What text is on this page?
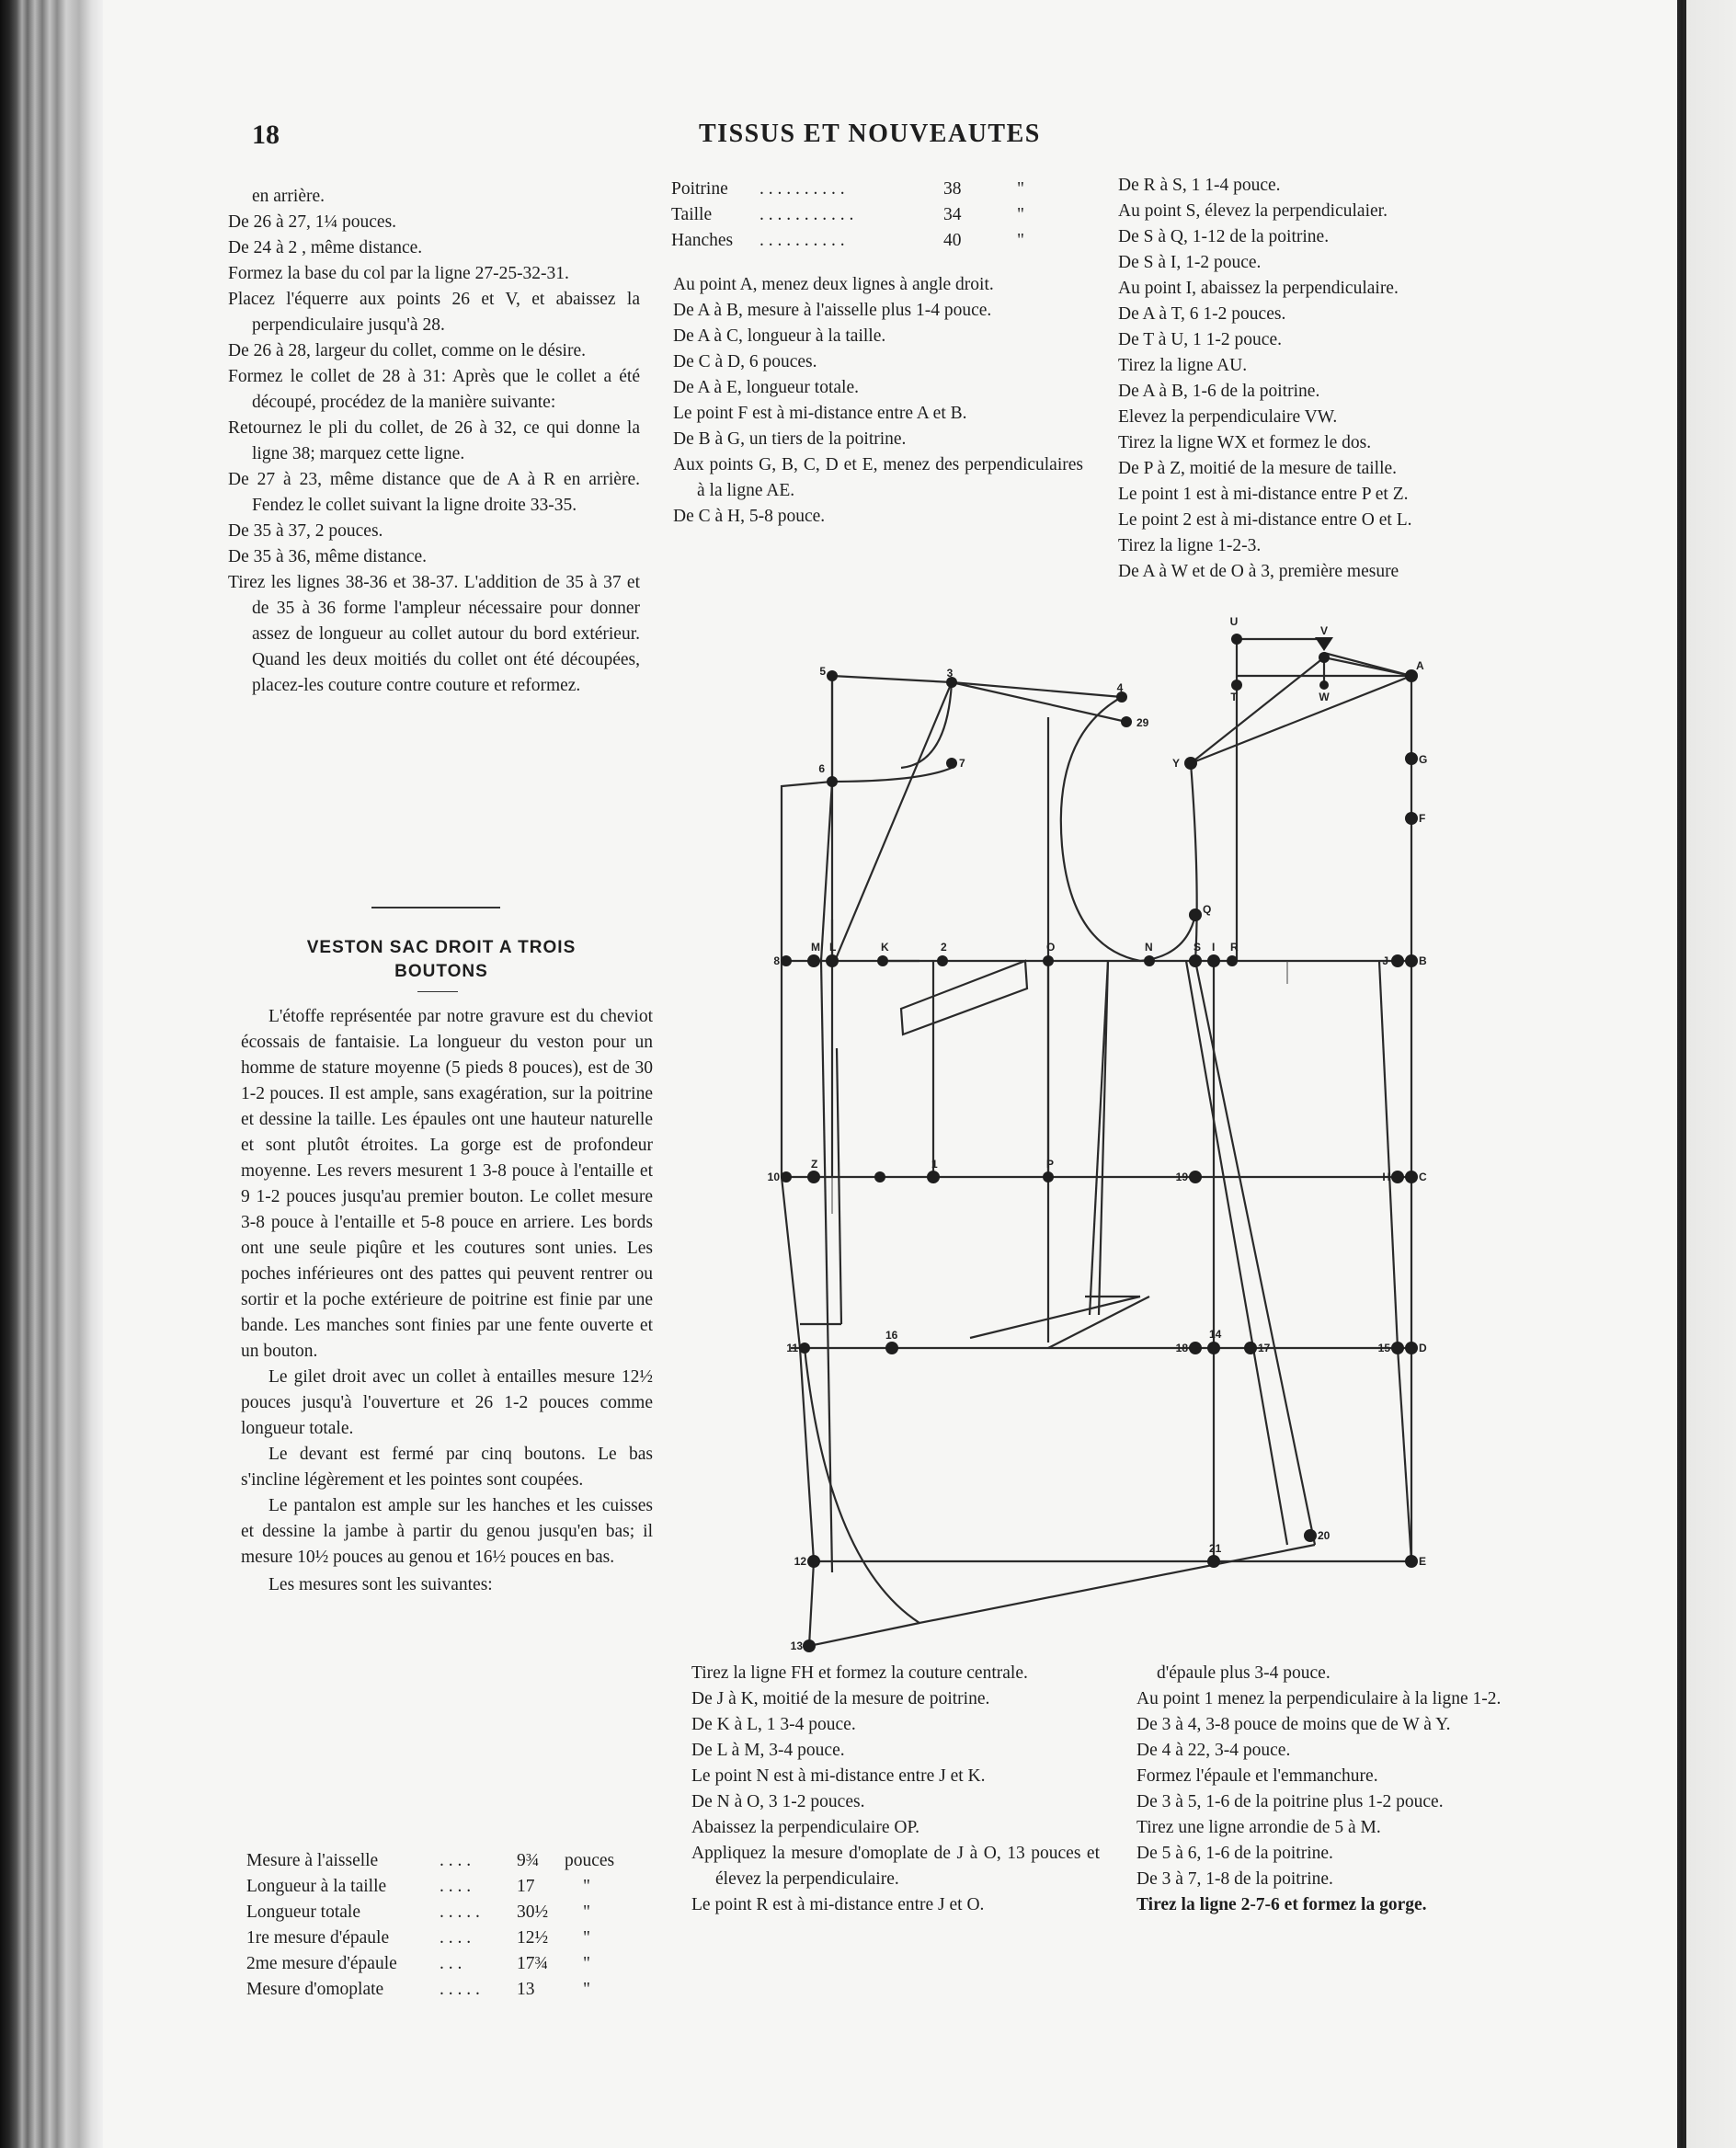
18	TISSUS ET NOUVEAUTES

en arrière.

De 26 à 27, 1¼ pouces.

De 24 à 2 , même distance.

Formez la base du col par la ligne 27-25-32-31.

Placez l'équerre aux points 26 et V, et abaissez la perpendiculaire jusqu'à 28.

De 26 à 28, largeur du collet, comme on le désire.

Formez le collet de 28 à 31: Après que le collet a été découpé, procédez de la manière suivante:

Retournez le pli du collet, de 26 à 32, ce qui donne la ligne 38; marquez cette ligne.

De 27 à 23, même distance que de A à R en arrière. Fendez le collet suivant la ligne droite 33-35.

De 35 à 37, 2 pouces.

De 35 à 36, même distance.

Tirez les lignes 38-36 et 38-37. L'addition de 35 à 37 et de 35 à 36 forme l'ampleur nécessaire pour donner assez de longueur au collet autour du bord extérieur. Quand les deux moitiés du collet ont été découpées, placez-les couture contre couture et reformez.

VESTON SAC DROIT A TROIS
BOUTONS

L'étoffe représentée par notre gravure est du cheviot écossais de fantaisie. La longueur du veston pour un homme de stature moyenne (5 pieds 8 pouces), est de 30 1-2 pouces. Il est ample, sans exagération, sur la poitrine et dessine la taille. Les épaules ont une hauteur naturelle et sont plutôt étroites. La gorge est de profondeur moyenne. Les revers mesurent 1 3-8 pouce à l'entaille et 9 1-2 pouces jusqu'au premier bouton. Le collet mesure 3-8 pouce à l'entaille et 5-8 pouce en arriere. Les bords ont une seule piqûre et les coutures sont unies. Les poches inférieures ont des pattes qui peuvent rentrer ou sortir et la poche extérieure de poitrine est finie par une bande. Les manches sont finies par une fente ouverte et un bouton.

Le gilet droit avec un collet à entailles mesure 12½ pouces jusqu'à l'ouverture et 26 1-2 pouces comme longueur totale.

Le devant est fermé par cinq boutons. Le bas s'incline légèrement et les pointes sont coupées.

Le pantalon est ample sur les hanches et les cuisses et dessine la jambe à partir du genou jusqu'en bas; il mesure 10½ pouces au genou et 16½ pouces en bas.

Les mesures sont les suivantes:

Mesure à l'aisselle	. . . .	9¾	pouces
Longueur à la taille	. . . .	17	"
Longueur totale	. . . . .	30½	"
1re mesure d'épaule	. . . .	12½	"
2me mesure d'épaule	. . .	17¾	"
Mesure d'omoplate	. . . . .	13	"
Poitrine	. . . . . . . . . .	38	"
Taille	. . . . . . . . . . .	34	"
Hanches	. . . . . . . . . .	40	"

Au point A, menez deux lignes à angle droit.

De A à B, mesure à l'aisselle plus 1-4 pouce.

De A à C, longueur à la taille.

De C à D, 6 pouces.

De A à E, longueur totale.

Le point F est à mi-distance entre A et B.

De B à G, un tiers de la poitrine.

Aux points G, B, C, D et E, menez des perpendiculaires à la ligne AE.

De C à H, 5-8 pouce.

De R à S, 1 1-4 pouce.

Au point S, élevez la perpendiculaier.

De S à Q, 1-12 de la poitrine.

De S à I, 1-2 pouce.

Au point I, abaissez la perpendiculaire.

De A à T, 6 1-2 pouces.

De T à U, 1 1-2 pouce.

Tirez la ligne AU.

De A à B, 1-6 de la poitrine.

Elevez la perpendiculaire VW.

Tirez la ligne WX et formez le dos.

De P à Z, moitié de la mesure de taille.

Le point 1 est à mi-distance entre P et Z.

Le point 2 est à mi-distance entre O et L.

Tirez la ligne 1-2-3.

De A à W et de O à 3, première mesure

5	3
4
29
U
V
A
T	W
6	7	Y	G
F
Q
8
M L	K	2	O	N	S I R
J	B
10
Z	1	P
19	H	C
11
16
18
14
17	15	D
12
21
20
E
13

Tirez la ligne FH et formez la couture centrale.

De J à K, moitié de la mesure de poitrine.

De K à L, 1 3-4 pouce.

De L à M, 3-4 pouce.

Le point N est à mi-distance entre J et K.

De N à O, 3 1-2 pouces.

Abaissez la perpendiculaire OP.

Appliquez la mesure d'omoplate de J à O, 13 pouces et élevez la perpendiculaire.

Le point R est à mi-distance entre J et O.

d'épaule plus 3-4 pouce.

Au point 1 menez la perpendiculaire à la ligne 1-2.

De 3 à 4, 3-8 pouce de moins que de W à Y.

De 4 à 22, 3-4 pouce.

Formez l'épaule et l'emmanchure.

De 3 à 5, 1-6 de la poitrine plus 1-2 pouce.

Tirez une ligne arrondie de 5 à M.

De 5 à 6, 1-6 de la poitrine.

De 3 à 7, 1-8 de la poitrine.

Tirez la ligne 2-7-6 et formez la gorge.
